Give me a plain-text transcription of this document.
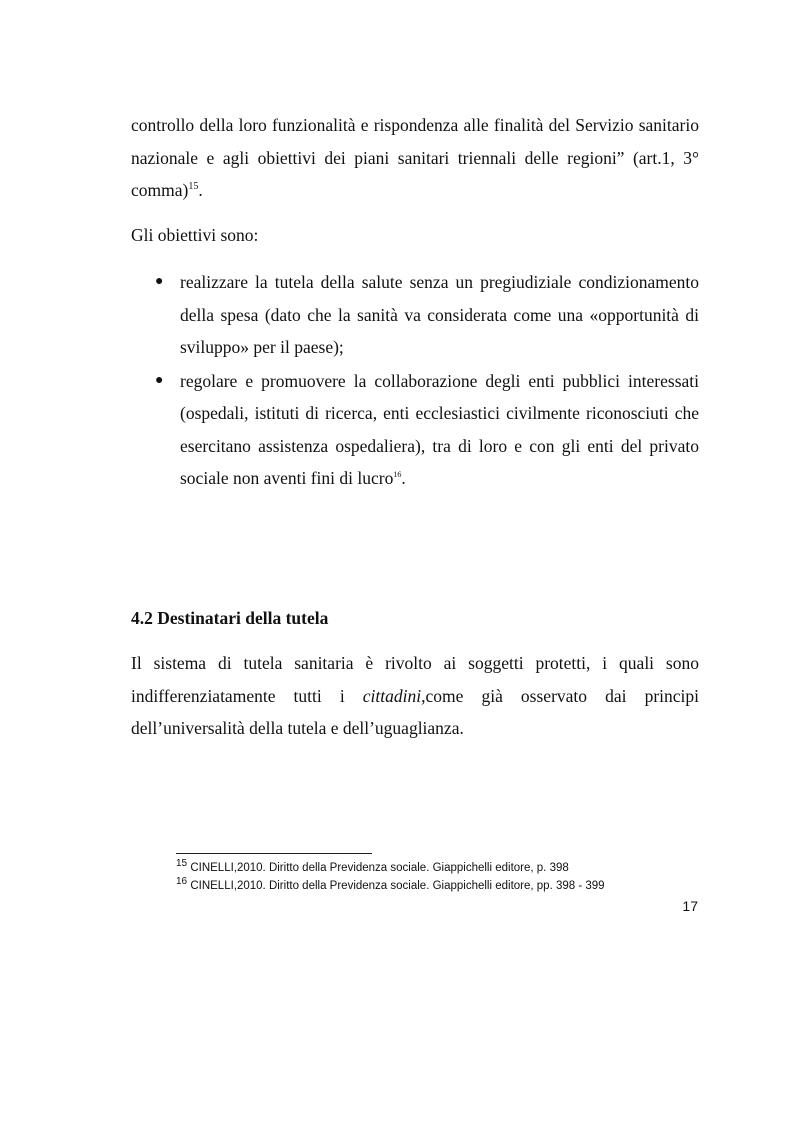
controllo della loro funzionalità e rispondenza alle finalità del Servizio sanitario nazionale e agli obiettivi dei piani sanitari triennali delle regioni” (art.1, 3° comma)$^{15}$.

Gli obiettivi sono:

● realizzare la tutela della salute senza un pregiudiziale condizionamento della spesa (dato che la sanità va considerata come una «opportunità di sviluppo» per il paese);
● regolare e promuovere la collaborazione degli enti pubblici interessati (ospedali, istituti di ricerca, enti ecclesiastici civilmente riconosciuti che esercitano assistenza ospedaliera), tra di loro e con gli enti del privato sociale non aventi fini di lucro$^{16}$.
4.2 Destinatari della tutela

Il sistema di tutela sanitaria è rivolto ai soggetti protetti, i quali sono indifferenziatamente tutti i cittadini,come già osservato dai principi dell’universalità della tutela e dell’uguaglianza.

$^{15}$ CINELLI,2010. Diritto della Previdenza sociale. Giappichelli editore, p. 398
$^{16}$ CINELLI,2010. Diritto della Previdenza sociale. Giappichelli editore, pp. 398 - 399
17
